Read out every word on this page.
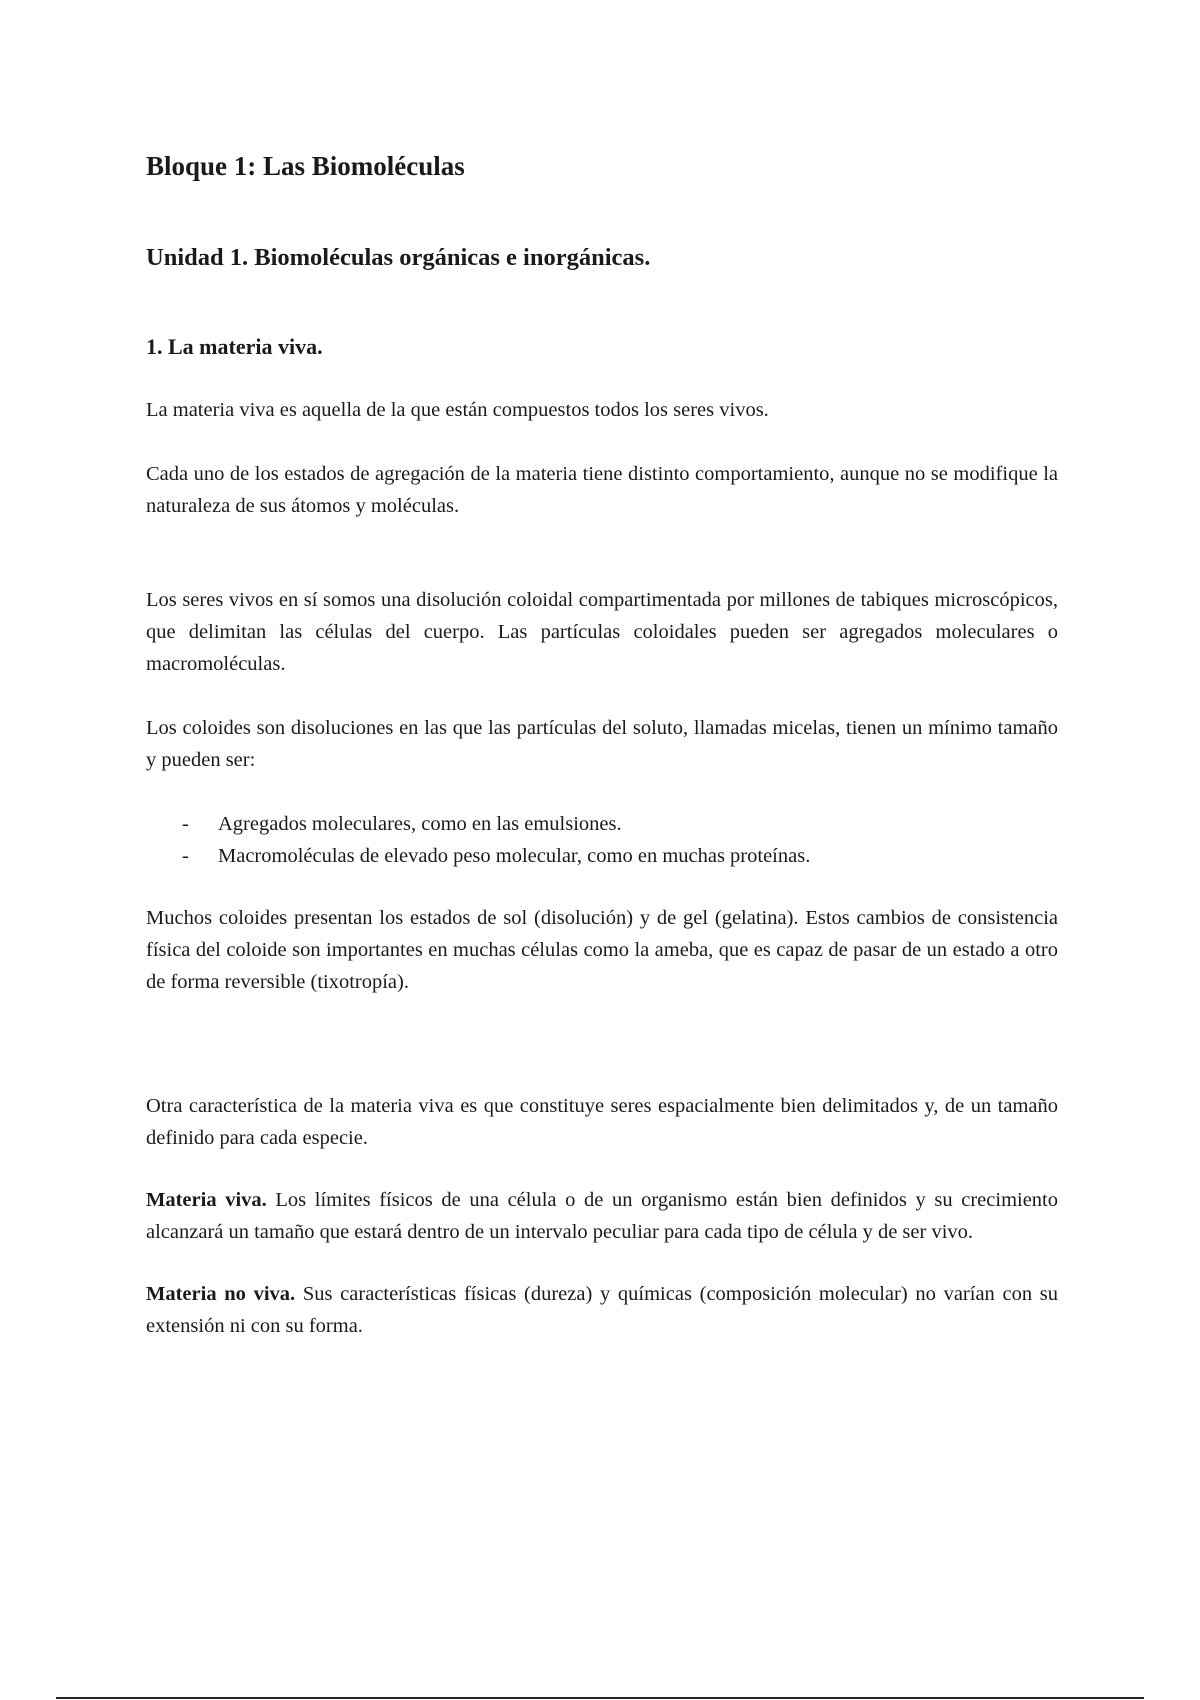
Bloque 1: Las Biomoléculas
Unidad 1. Biomoléculas orgánicas e inorgánicas.
1. La materia viva.

La materia viva es aquella de la que están compuestos todos los seres vivos.

Cada uno de los estados de agregación de la materia tiene distinto comportamiento, aunque no se modifique la naturaleza de sus átomos y moléculas.

Los seres vivos en sí somos una disolución coloidal compartimentada por millones de tabiques microscópicos, que delimitan las células del cuerpo. Las partículas coloidales pueden ser agregados moleculares o macromoléculas.

Los coloides son disoluciones en las que las partículas del soluto, llamadas micelas, tienen un mínimo tamaño y pueden ser:

- Agregados moleculares, como en las emulsiones.
- Macromoléculas de elevado peso molecular, como en muchas proteínas.

Muchos coloides presentan los estados de sol (disolución) y de gel (gelatina). Estos cambios de consistencia física del coloide son importantes en muchas células como la ameba, que es capaz de pasar de un estado a otro de forma reversible (tixotropía).

Otra característica de la materia viva es que constituye seres espacialmente bien delimitados y, de un tamaño definido para cada especie.

Materia viva. Los límites físicos de una célula o de un organismo están bien definidos y su crecimiento alcanzará un tamaño que estará dentro de un intervalo peculiar para cada tipo de célula y de ser vivo.

Materia no viva. Sus características físicas (dureza) y químicas (composición molecular) no varían con su extensión ni con su forma.
